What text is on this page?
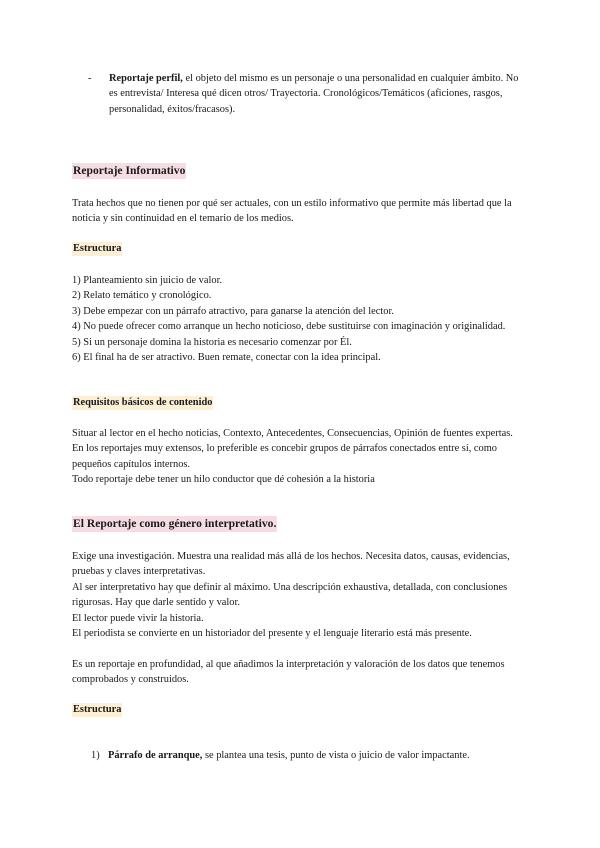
- Reportaje perfil, el objeto del mismo es un personaje o una personalidad en cualquier ámbito. No es entrevista/ Interesa qué dicen otros/ Trayectoria. Cronológicos/Temáticos (aficiones, rasgos, personalidad, éxitos/fracasos).
Reportaje Informativo

Trata hechos que no tienen por qué ser actuales, con un estilo informativo que permite más libertad que la noticia y sin continuidad en el temario de los medios.

Estructura

1) Planteamiento sin juicio de valor.

2) Relato temático y cronológico.

3) Debe empezar con un párrafo atractivo, para ganarse la atención del lector.

4) No puede ofrecer como arranque un hecho noticioso, debe sustituirse con imaginación y originalidad.

5) Si un personaje domina la historia es necesario comenzar por Él.

6) El final ha de ser atractivo. Buen remate, conectar con la idea principal.

Requisitos básicos de contenido

Situar al lector en el hecho noticias, Contexto, Antecedentes, Consecuencias, Opinión de fuentes expertas.

En los reportajes muy extensos, lo preferible es concebir grupos de párrafos conectados entre sí, como pequeños capítulos internos.

Todo reportaje debe tener un hilo conductor que dé cohesión a la historia

El Reportaje como género interpretativo.

Exige una investigación. Muestra una realidad más allá de los hechos. Necesita datos, causas, evidencias, pruebas y claves interpretativas.

Al ser interpretativo hay que definir al máximo. Una descripción exhaustiva, detallada, con conclusiones rigurosas. Hay que darle sentido y valor.

El lector puede vivir la historia.

El periodista se convierte en un historiador del presente y el lenguaje literario está más presente.

Es un reportaje en profundidad, al que añadimos la interpretación y valoración de los datos que tenemos comprobados y construidos.

Estructura
1) Párrafo de arranque, se plantea una tesis, punto de vista o juicio de valor impactante.
